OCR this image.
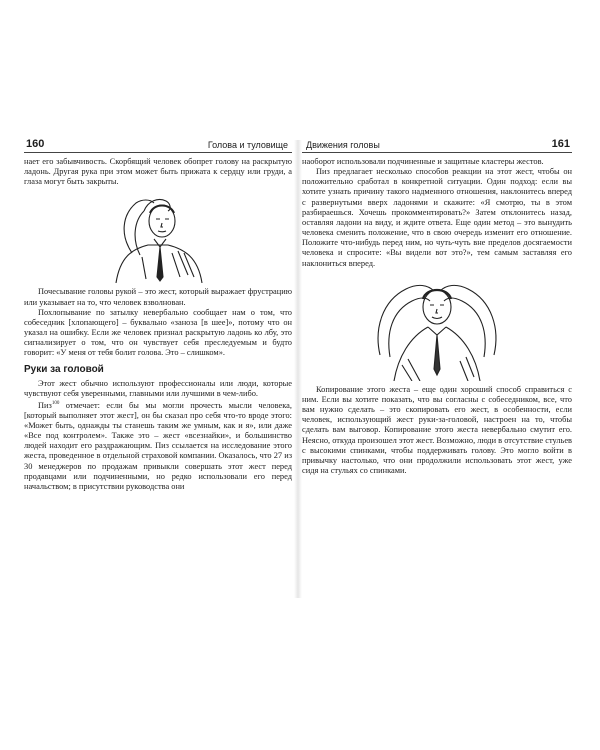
160	Голова и туловище

нает его забывчивость. Скорбящий человек обопрет голову на раскрытую ладонь. Другая рука при этом может быть прижата к сердцу или груди, а глаза могут быть закрыты.

Почесывание головы рукой – это жест, который выражает фрустрацию или указывает на то, что человек взволнован.

Похлопывание по затылку невербально сообщает нам о том, что собеседник [хлопающего] – буквально «заноза [в шее]», потому что он указал на ошибку. Если же человек признал раскрытую ладонь ко лбу, это сигнализирует о том, что он чувствует себя преследуемым и будто говорит: «У меня от тебя болит голова. Это – слишком».

Руки за головой

Этот жест обычно используют профессионалы или люди, которые чувствуют себя уверенными, главными или лучшими в чем-либо.

Пиз$^{100}$ отмечает: если бы мы могли прочесть мысли человека, [который выполняет этот жест], он бы сказал про себя что-то вроде этого: «Может быть, однажды ты станешь таким же умным, как и я», или даже «Все под контролем». Также это – жест «всезнайки», и большинство людей находит его раздражающим. Пиз ссылается на исследование этого жеста, проведенное в отдельной страховой компании. Оказалось, что 27 из 30 менеджеров по продажам привыкли совершать этот жест перед продавцами или подчиненными, но редко использовали его перед начальством; в присутствии руководства они

Движения головы	161

наоборот использовали подчиненные и защитные кластеры жестов.

Пиз предлагает несколько способов реакции на этот жест, чтобы он положительно сработал в конкретной ситуации. Один подход: если вы хотите узнать причину такого надменного отношения, наклонитесь вперед с развернутыми вверх ладонями и скажите: «Я смотрю, ты в этом разбираешься. Хочешь прокомментировать?» Затем отклонитесь назад, оставляя ладони на виду, и ждите ответа. Еще один метод – это вынудить человека сменить положение, что в свою очередь изменит его отношение. Положите что-нибудь перед ним, но чуть-чуть вне пределов досягаемости человека и спросите: «Вы видели вот это?», тем самым заставляя его наклониться вперед.

Копирование этого жеста – еще один хороший способ справиться с ним. Если вы хотите показать, что вы согласны с собеседником, все, что вам нужно сделать – это скопировать его жест, в особенности, если человек, использующий жест руки-за-головой, настроен на то, чтобы сделать вам выговор. Копирование этого жеста невербально смутит его. Неясно, откуда произошел этот жест. Возможно, люди в отсутствие стульев с высокими спинками, чтобы поддерживать голову. Это могло войти в привычку настолько, что они продолжили использовать этот жест, уже сидя на стульях со спинками.
